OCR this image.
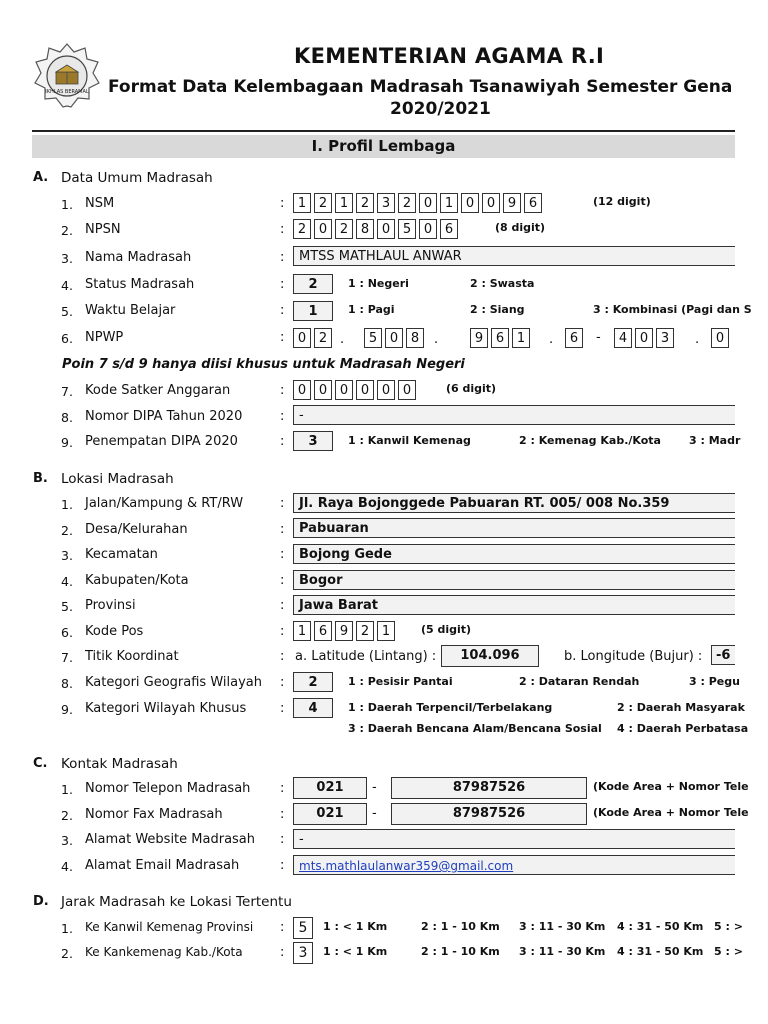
IKHLAS BERAMAL
KEMENTERIAN AGAMA R.I
Format Data Kelembagaan Madrasah Tsanawiyah Semester Gena
2020/2021
I. Profil Lembaga
A. Data Umum Madrasah
1. NSM	:	1 2 1 2 3 2 0 1 0 0 9 6	(12 digit)
2. NPSN	:	2 0 2 8 0 5 0 6	(8 digit)
3. Nama Madrasah	:	MTSS MATHLAUL ANWAR
4. Status Madrasah	:	2	1 : Negeri	2 : Swasta
5. Waktu Belajar	:	1	1 : Pagi	2 : Siang	3 : Kombinasi (Pagi dan S
6. NPWP	:	0 2 .	5 0 8	.	9 6 1	.	6	-	4 0 3	.	0
Poin 7 s/d 9 hanya diisi khusus untuk Madrasah Negeri
7. Kode Satker Anggaran	:	0 0 0 0 0 0	(6 digit)
8. Nomor DIPA Tahun 2020	:	-
9. Penempatan DIPA 2020	:	3	1 : Kanwil Kemenag	2 : Kemenag Kab./Kota	3 : Madr
B. Lokasi Madrasah
1. Jalan/Kampung & RT/RW	:	Jl. Raya Bojonggede Pabuaran RT. 005/ 008 No.359
2. Desa/Kelurahan	:	Pabuaran
3. Kecamatan	:	Bojong Gede
4. Kabupaten/Kota	:	Bogor
5. Provinsi	:	Jawa Barat
6. Kode Pos	:	1 6 9 2 1	(5 digit)
7. Titik Koordinat	: a. Latitude (Lintang) :	104.096	b. Longitude (Bujur) :	-6
8. Kategori Geografis Wilayah :	2	1 : Pesisir Pantai	2 : Dataran Rendah	3 : Pegu
9. Kategori Wilayah Khusus	:	4	1 : Daerah Terpencil/Terbelakang	2 : Daerah Masyarak
3 : Daerah Bencana Alam/Bencana Sosial 4 : Daerah Perbatasa
C. Kontak Madrasah
1. Nomor Telepon Madrasah :	021	-	87987526	(Kode Area + Nomor Tele
2. Nomor Fax Madrasah	:	021	-	87987526	(Kode Area + Nomor Tele
3. Alamat Website Madrasah :	-
4. Alamat Email Madrasah	:	mts.mathlaulanwar359@gmail.com
D. Jarak Madrasah ke Lokasi Tertentu
1. Ke Kanwil Kemenag Provinsi :	5	1 : < 1 Km	2 : 1 - 10 Km 3 : 11 - 30 Km 4 : 31 - 50 Km 5 : >
2. Ke Kankemenag Kab./Kota	:	3	1 : < 1 Km	2 : 1 - 10 Km 3 : 11 - 30 Km 4 : 31 - 50 Km 5 : >
